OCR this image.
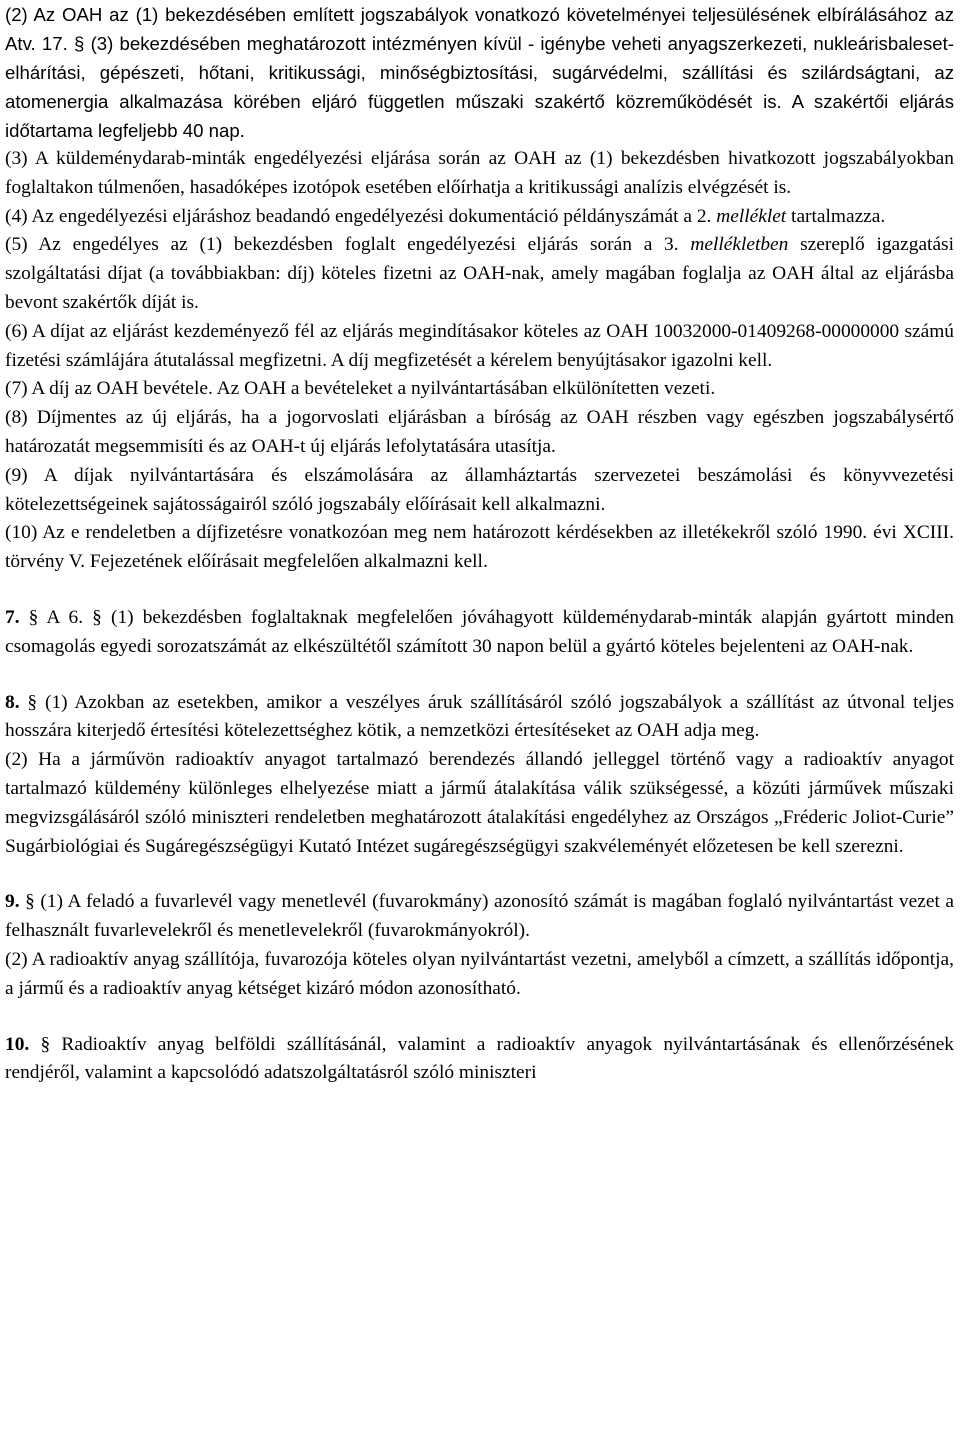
(2) Az OAH az (1) bekezdésében említett jogszabályok vonatkozó követelményei teljesülésének elbírálásához az Atv. 17. § (3) bekezdésében meghatározott intézményen kívül - igénybe veheti anyagszerkezeti, nukleárisbaleset-elhárítási, gépészeti, hőtani, kritikussági, minőségbiztosítási, sugárvédelmi, szállítási és szilárdságtani, az atomenergia alkalmazása körében eljáró független műszaki szakértő közreműködését is. A szakértői eljárás időtartama legfeljebb 40 nap.

(3) A küldeménydarab-minták engedélyezési eljárása során az OAH az (1) bekezdésben hivatkozott jogszabályokban foglaltakon túlmenően, hasadóképes izotópok esetében előírhatja a kritikussági analízis elvégzését is.

(4) Az engedélyezési eljáráshoz beadandó engedélyezési dokumentáció példányszámát a 2. melléklet tartalmazza.

(5) Az engedélyes az (1) bekezdésben foglalt engedélyezési eljárás során a 3. mellékletben szereplő igazgatási szolgáltatási díjat (a továbbiakban: díj) köteles fizetni az OAH-nak, amely magában foglalja az OAH által az eljárásba bevont szakértők díját is.

(6) A díjat az eljárást kezdeményező fél az eljárás megindításakor köteles az OAH 10032000-01409268-00000000 számú fizetési számlájára átutalással megfizetni. A díj megfizetését a kérelem benyújtásakor igazolni kell.

(7) A díj az OAH bevétele. Az OAH a bevételeket a nyilvántartásában elkülönítetten vezeti.

(8) Díjmentes az új eljárás, ha a jogorvoslati eljárásban a bíróság az OAH részben vagy egészben jogszabálysértő határozatát megsemmisíti és az OAH-t új eljárás lefolytatására utasítja.

(9) A díjak nyilvántartására és elszámolására az államháztartás szervezetei beszámolási és könyvvezetési kötelezettségeinek sajátosságairól szóló jogszabály előírásait kell alkalmazni.

(10) Az e rendeletben a díjfizetésre vonatkozóan meg nem határozott kérdésekben az illetékekről szóló 1990. évi XCIII. törvény V. Fejezetének előírásait megfelelően alkalmazni kell.

7. § A 6. § (1) bekezdésben foglaltaknak megfelelően jóváhagyott küldeménydarab-minták alapján gyártott minden csomagolás egyedi sorozatszámát az elkészültétől számított 30 napon belül a gyártó köteles bejelenteni az OAH-nak.

8. § (1) Azokban az esetekben, amikor a veszélyes áruk szállításáról szóló jogszabályok a szállítást az útvonal teljes hosszára kiterjedő értesítési kötelezettséghez kötik, a nemzetközi értesítéseket az OAH adja meg.

(2) Ha a járművön radioaktív anyagot tartalmazó berendezés állandó jelleggel történő vagy a radioaktív anyagot tartalmazó küldemény különleges elhelyezése miatt a jármű átalakítása válik szükségessé, a közúti járművek műszaki megvizsgálásáról szóló miniszteri rendeletben meghatározott átalakítási engedélyhez az Országos „Fréderic Joliot-Curie” Sugárbiológiai és Sugáregészségügyi Kutató Intézet sugáregészségügyi szakvéleményét előzetesen be kell szerezni.

9. § (1) A feladó a fuvarlevél vagy menetlevél (fuvarokmány) azonosító számát is magában foglaló nyilvántartást vezet a felhasznált fuvarlevelekről és menetlevelekről (fuvarokmányokról).

(2) A radioaktív anyag szállítója, fuvarozója köteles olyan nyilvántartást vezetni, amelyből a címzett, a szállítás időpontja, a jármű és a radioaktív anyag kétséget kizáró módon azonosítható.

10. § Radioaktív anyag belföldi szállításánál, valamint a radioaktív anyagok nyilvántartásának és ellenőrzésének rendjéről, valamint a kapcsolódó adatszolgáltatásról szóló miniszteri
